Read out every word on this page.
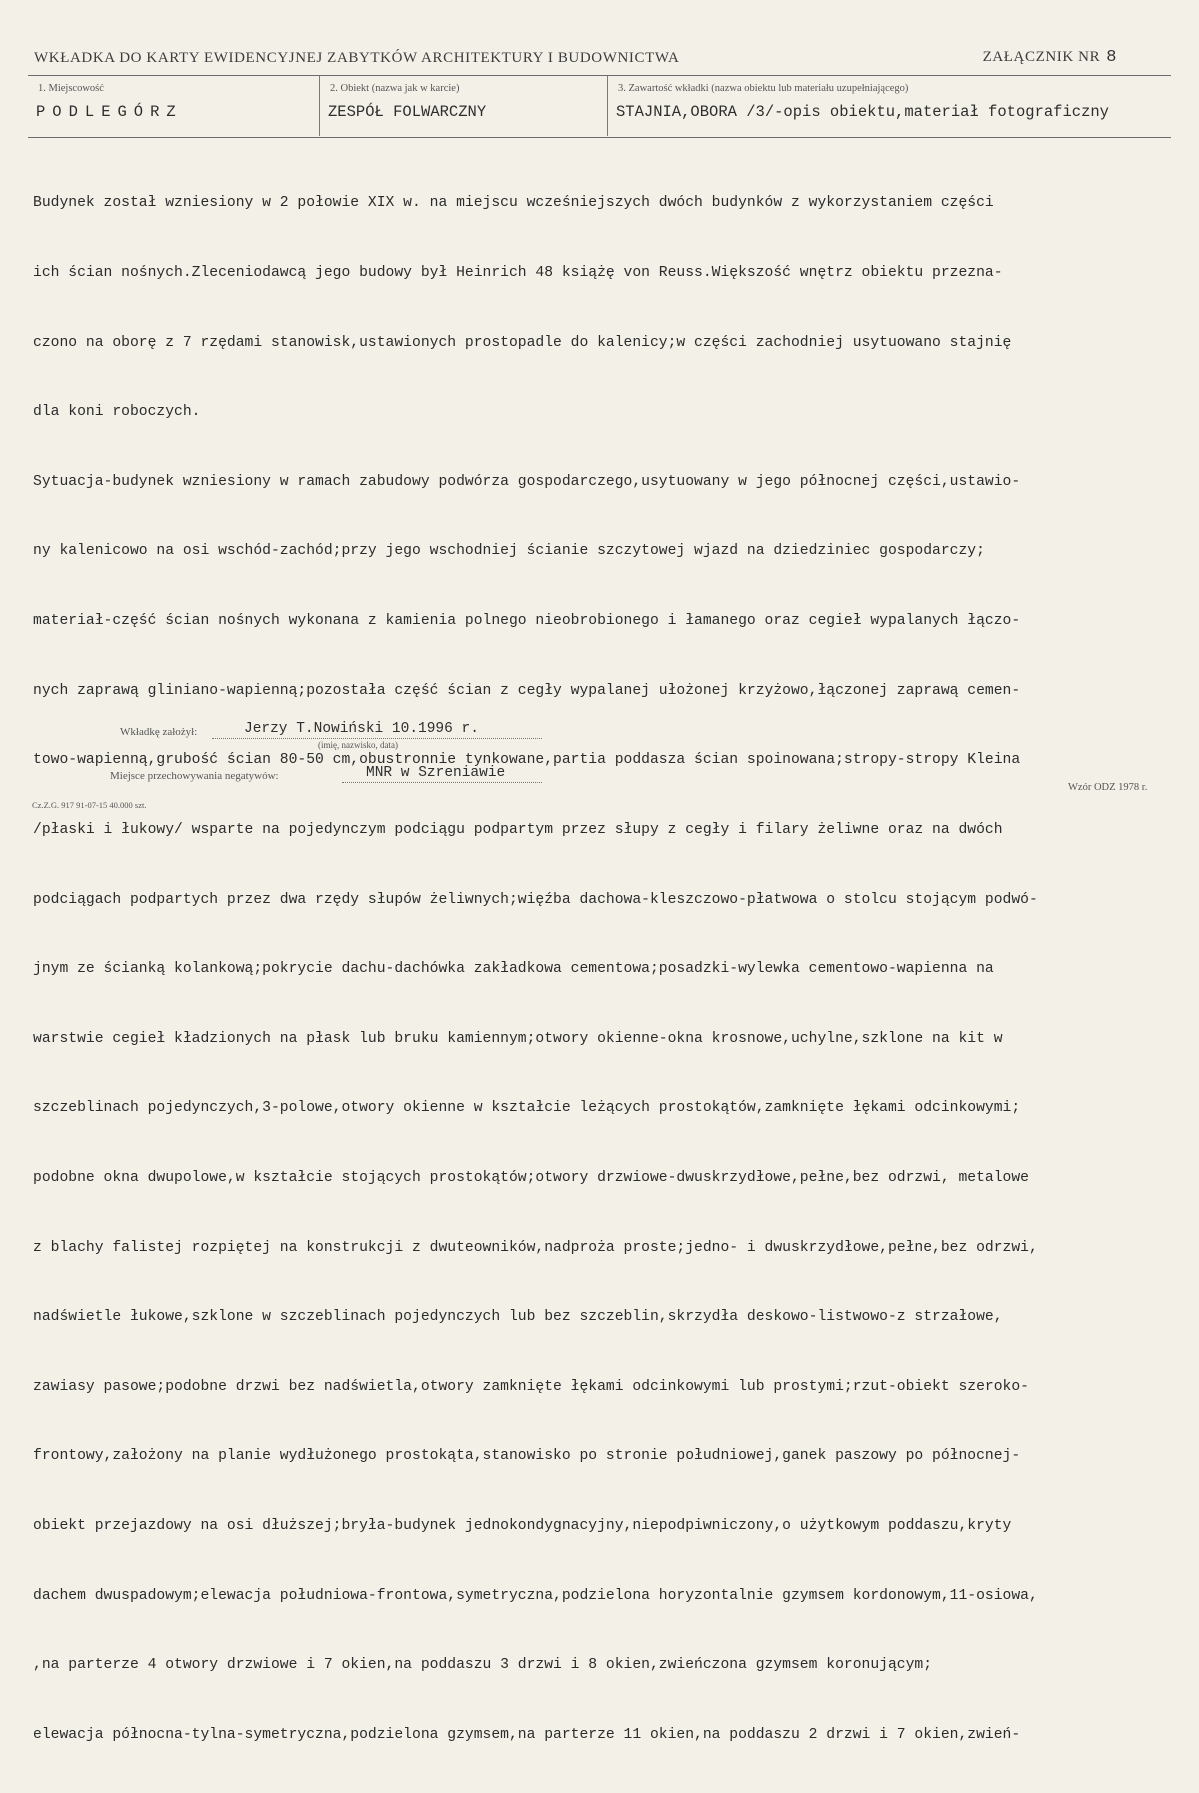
WKŁADKA DO KARTY EWIDENCYJNEJ ZABYTKÓW ARCHITEKTURY I BUDOWNICTWA	ZAŁĄCZNIK NR 8
1. Miejscowość
PODLEGÓRZ
2. Obiekt (nazwa jak w karcie)
ZESPÓŁ FOLWARCZNY
3. Zawartość wkładki (nazwa obiektu lub materiału uzupełniającego)
STAJNIA,OBORA /3/-opis obiektu,materiał fotograficzny

Budynek został wzniesiony w 2 połowie XIX w. na miejscu wcześniejszych dwóch budynków z wykorzystaniem części

ich ścian nośnych.Zleceniodawcą jego budowy był Heinrich 48 książę von Reuss.Większość wnętrz obiektu przezna-

czono na oborę z 7 rzędami stanowisk,ustawionych prostopadle do kalenicy;w części zachodniej usytuowano stajnię

dla koni roboczych.

Sytuacja-budynek wzniesiony w ramach zabudowy podwórza gospodarczego,usytuowany w jego północnej części,ustawio-

ny kalenicowo na osi wschód-zachód;przy jego wschodniej ścianie szczytowej wjazd na dziedziniec gospodarczy;

materiał-część ścian nośnych wykonana z kamienia polnego nieobrobionego i łamanego oraz cegieł wypalanych łączo-

nych zaprawą gliniano-wapienną;pozostała część ścian z cegły wypalanej ułożonej krzyżowo,łączonej zaprawą cemen-

towo-wapienną,grubość ścian 80-50 cm,obustronnie tynkowane,partia poddasza ścian spoinowana;stropy-stropy Kleina

/płaski i łukowy/ wsparte na pojedynczym podciągu podpartym przez słupy z cegły i filary żeliwne oraz na dwóch

podciągach podpartych przez dwa rzędy słupów żeliwnych;więźba dachowa-kleszczowo-płatwowa o stolcu stojącym podwó-

jnym ze ścianką kolankową;pokrycie dachu-dachówka zakładkowa cementowa;posadzki-wylewka cementowo-wapienna na

warstwie cegieł kładzionych na płask lub bruku kamiennym;otwory okienne-okna krosnowe,uchylne,szklone na kit w

szczeblinach pojedynczych,3-polowe,otwory okienne w kształcie leżących prostokątów,zamknięte łękami odcinkowymi;

podobne okna dwupolowe,w kształcie stojących prostokątów;otwory drzwiowe-dwuskrzydłowe,pełne,bez odrzwi, metalowe

z blachy falistej rozpiętej na konstrukcji z dwuteowników,nadproża proste;jedno- i dwuskrzydłowe,pełne,bez odrzwi,

nadświetle łukowe,szklone w szczeblinach pojedynczych lub bez szczeblin,skrzydła deskowo-listwowo-z strzałowe,

zawiasy pasowe;podobne drzwi bez nadświetla,otwory zamknięte łękami odcinkowymi lub prostymi;rzut-obiekt szeroko-

frontowy,założony na planie wydłużonego prostokąta,stanowisko po stronie południowej,ganek paszowy po północnej-

obiekt przejazdowy na osi dłuższej;bryła-budynek jednokondygnacyjny,niepodpiwniczony,o użytkowym poddaszu,kryty

dachem dwuspadowym;elewacja południowa-frontowa,symetryczna,podzielona horyzontalnie gzymsem kordonowym,11-osiowa,

,na parterze 4 otwory drzwiowe i 7 okien,na poddaszu 3 drzwi i 8 okien,zwieńczona gzymsem koronującym;

elewacja północna-tylna-symetryczna,podzielona gzymsem,na parterze 11 okien,na poddaszu 2 drzwi i 7 okien,zwień-

Wkładkę założył:	Jerzy T.Nowiński 10.1996 r.
(imię, nazwisko, data)
Miejsce przechowywania negatywów:	MNR w Szreniawie
Cz.Z.G. 917 91-07-15 40.000 szt.
Wzór ODZ 1978 r.
